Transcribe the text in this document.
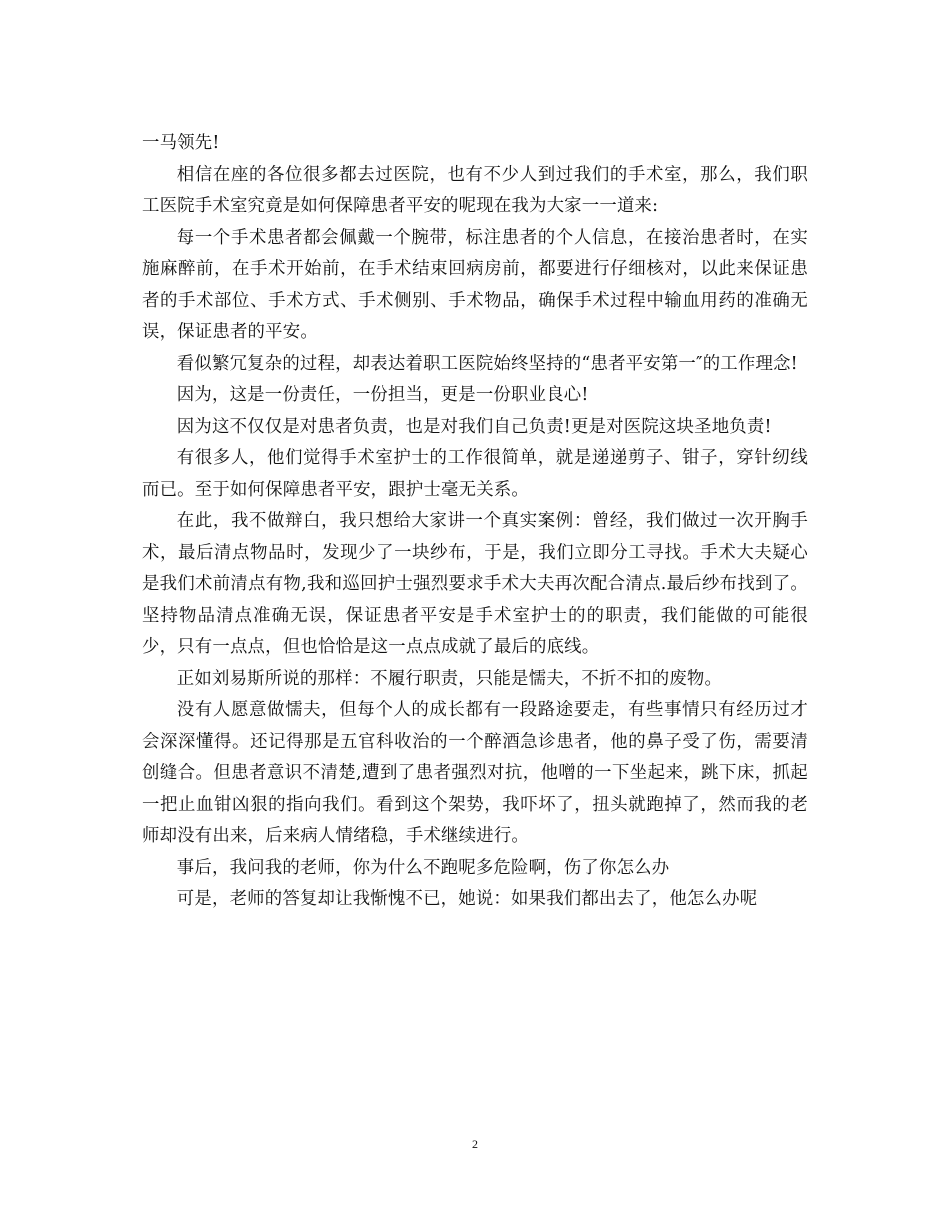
一马领先!

相信在座的各位很多都去过医院，也有不少人到过我们的手术室，那么，我们职工医院手术室究竟是如何保障患者平安的呢现在我为大家一一道来:

每一个手术患者都会佩戴一个腕带，标注患者的个人信息，在接治患者时，在实施麻醉前，在手术开始前，在手术结束回病房前，都要进行仔细核对，以此来保证患者的手术部位、手术方式、手术侧别、手术物品，确保手术过程中输血用药的准确无误，保证患者的平安。

看似繁冗复杂的过程，却表达着职工医院始终坚持的“患者平安第一″的工作理念!

因为，这是一份责任，一份担当，更是一份职业良心!

因为这不仅仅是对患者负责，也是对我们自己负责!更是对医院这块圣地负责!

有很多人，他们觉得手术室护士的工作很简单，就是递递剪子、钳子，穿针纫线而已。至于如何保障患者平安，跟护士毫无关系。

在此，我不做辩白，我只想给大家讲一个真实案例：曾经，我们做过一次开胸手术，最后清点物品时，发现少了一块纱布，于是，我们立即分工寻找。手术大夫疑心是我们术前清点有物,我和巡回护士强烈要求手术大夫再次配合清点.最后纱布找到了。坚持物品清点准确无误，保证患者平安是手术室护士的的职责，我们能做的可能很少，只有一点点，但也恰恰是这一点点成就了最后的底线。

正如刘易斯所说的那样：不履行职责，只能是懦夫，不折不扣的废物。

没有人愿意做懦夫，但每个人的成长都有一段路途要走，有些事情只有经历过才会深深懂得。还记得那是五官科收治的一个醉酒急诊患者，他的鼻子受了伤，需要清创缝合。但患者意识不清楚,遭到了患者强烈对抗，他噌的一下坐起来，跳下床，抓起一把止血钳凶狠的指向我们。看到这个架势，我吓坏了，扭头就跑掉了，然而我的老师却没有出来，后来病人情绪稳，手术继续进行。

事后，我问我的老师，你为什么不跑呢多危险啊，伤了你怎么办

可是，老师的答复却让我惭愧不已，她说：如果我们都出去了，他怎么办呢

2
